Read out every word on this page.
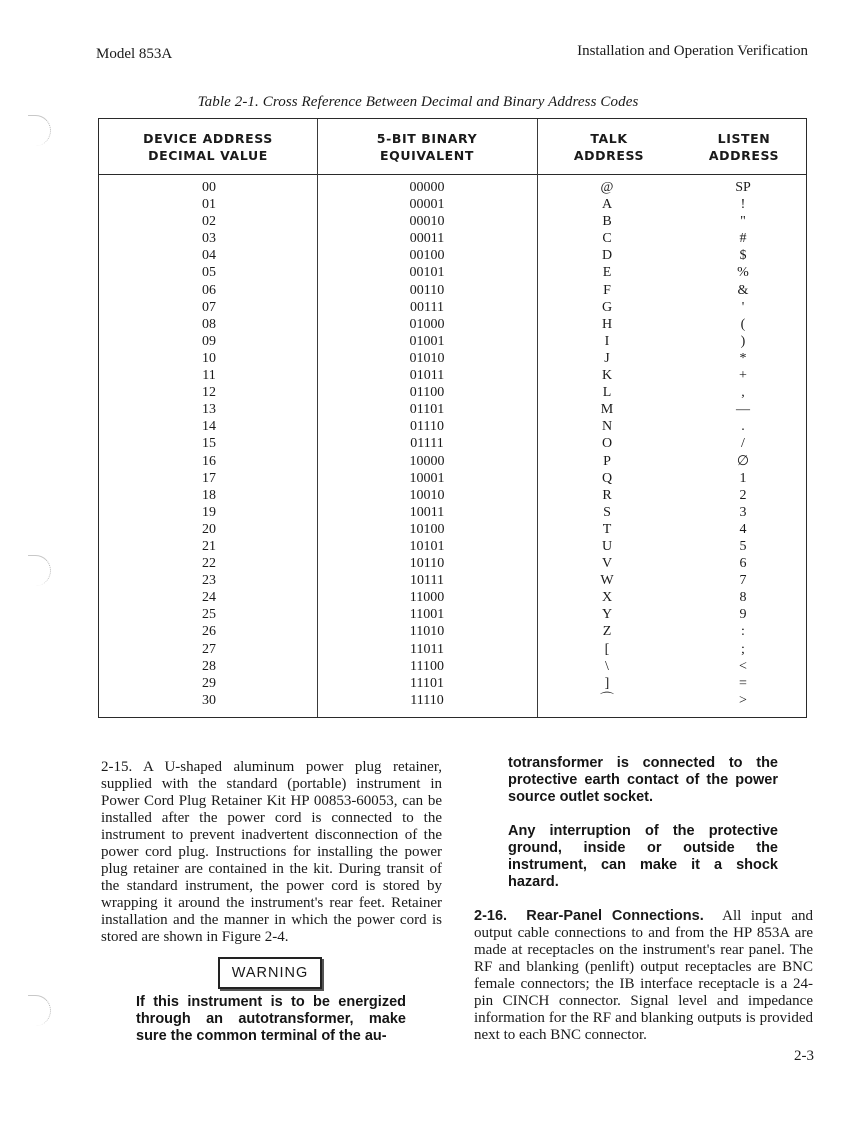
Model 853A	Installation and Operation Verification
Table 2-1. Cross Reference Between Decimal and Binary Address Codes
DEVICE ADDRESS
DECIMAL VALUE
5-BIT BINARY
EQUIVALENT
TALK
ADDRESS
LISTEN
ADDRESS
00
01
02
03
04
05
06
07
08
09
10
11
12
13
14
15
16
17
18
19
20
21
22
23
24
25
26
27
28
29
30
00000
00001
00010
00011
00100
00101
00110
00111
01000
01001
01010
01011
01100
01101
01110
01111
10000
10001
10010
10011
10100
10101
10110
10111
11000
11001
11010
11011
11100
11101
11110
@
A
B
C
D
E
F
G
H
I
J
K
L
M
N
O
P
Q
R
S
T
U
V
W
X
Y
Z
[
\
]
⌒
SP
!
"
#
$
%
&
'
(
)
*
+
,
—
.
/
∅
1
2
3
4
5
6
7
8
9
:
;
<
=
>
2-15. A U-shaped aluminum power plug retainer, supplied with the standard (portable) instrument in Power Cord Plug Retainer Kit HP 00853-60053, can be installed after the power cord is connected to the instrument to prevent inadvertent disconnection of the power cord plug. Instructions for installing the power plug retainer are contained in the kit. During transit of the standard instrument, the power cord is stored by wrapping it around the instrument's rear feet. Retainer installation and the manner in which the power cord is stored are shown in Figure 2-4.
WARNING
If this instrument is to be energized through an autotransformer, make sure the common terminal of the au-
totransformer is connected to the protective earth contact of the power source outlet socket.
Any interruption of the protective ground, inside or outside the instrument, can make it a shock hazard.
2-16. Rear-Panel Connections. All input and output cable connections to and from the HP 853A are made at receptacles on the instrument's rear panel. The RF and blanking (penlift) output receptacles are BNC female connectors; the IB interface receptacle is a 24-pin CINCH connector. Signal level and impedance information for the RF and blanking outputs is provided next to each BNC connector.
2-3
